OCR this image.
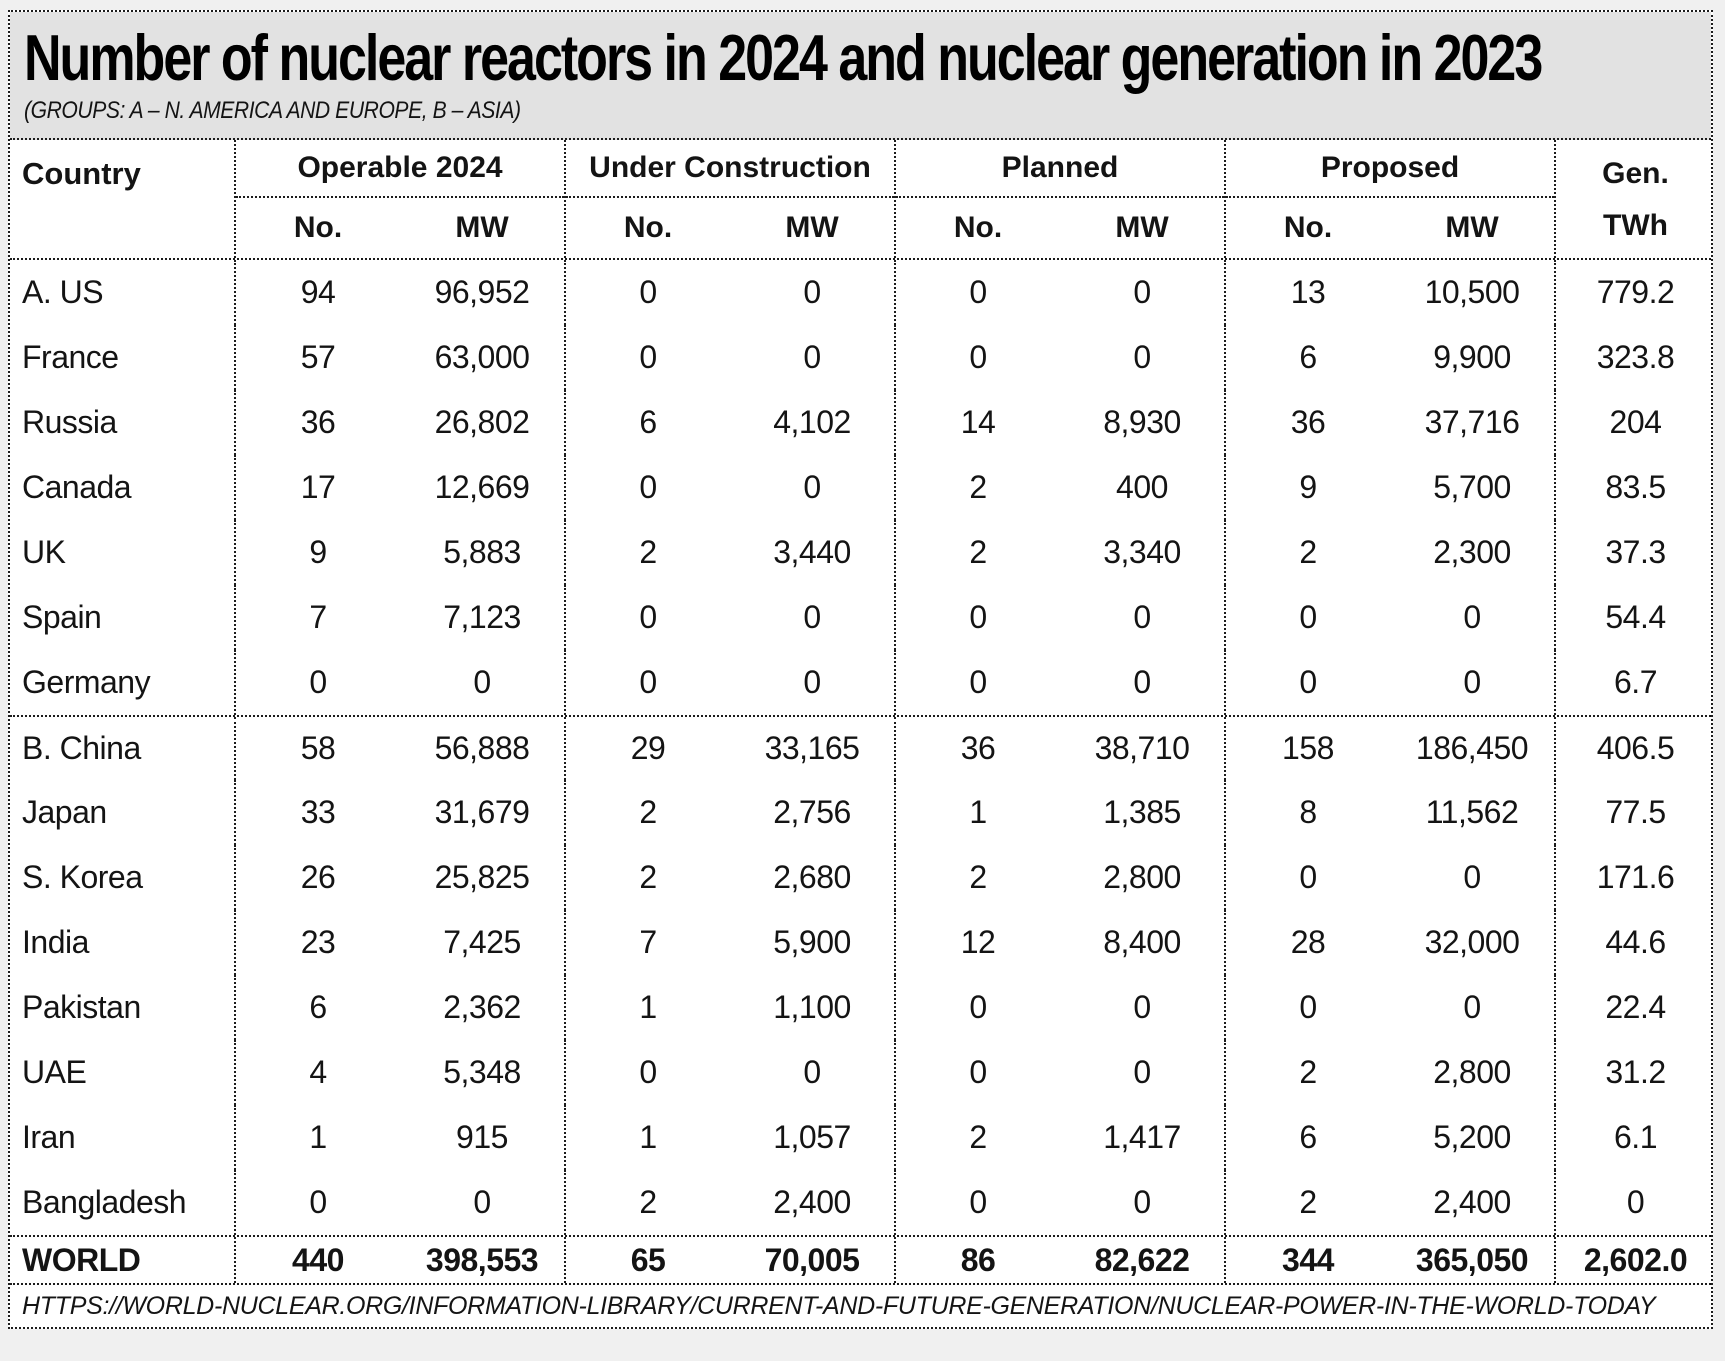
Number of nuclear reactors in 2024 and nuclear generation in 2023
(GROUPS: A – N. AMERICA AND EUROPE, B – ASIA)
Country	Operable 2024
No.	MW
Under Construction
No.	MW
Planned
No.	MW
Proposed
No.	MW
Gen.
TWh
A. US	94	96,952	0	0	0	0	13	10,500	779.2
France	57	63,000	0	0	0	0	6	9,900	323.8
Russia	36	26,802	6	4,102	14	8,930	36	37,716	204
Canada	17	12,669	0	0	2	400	9	5,700	83.5
UK	9	5,883	2	3,440	2	3,340	2	2,300	37.3
Spain	7	7,123	0	0	0	0	0	0	54.4
Germany	0	0	0	0	0	0	0	0	6.7
B. China	58	56,888	29	33,165	36	38,710	158	186,450	406.5
Japan	33	31,679	2	2,756	1	1,385	8	11,562	77.5
S. Korea	26	25,825	2	2,680	2	2,800	0	0	171.6
India	23	7,425	7	5,900	12	8,400	28	32,000	44.6
Pakistan	6	2,362	1	1,100	0	0	0	0	22.4
UAE	4	5,348	0	0	0	0	2	2,800	31.2
Iran	1	915	1	1,057	2	1,417	6	5,200	6.1
Bangladesh	0	0	2	2,400	0	0	2	2,400	0
WORLD	440	398,553	65	70,005	86	82,622	344	365,050	2,602.0
HTTPS://WORLD-NUCLEAR.ORG/INFORMATION-LIBRARY/CURRENT-AND-FUTURE-GENERATION/NUCLEAR-POWER-IN-THE-WORLD-TODAY
